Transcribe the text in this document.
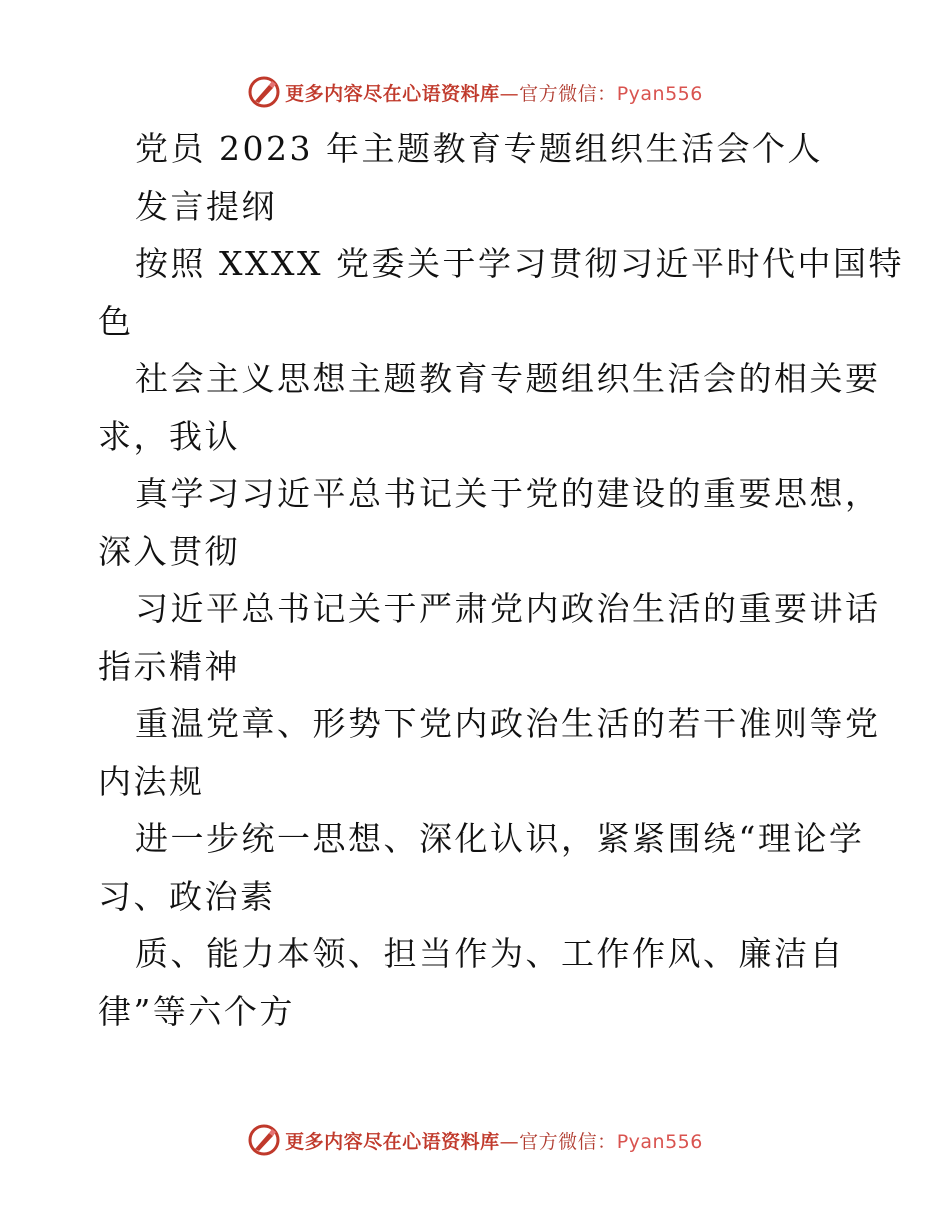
更多内容尽在心语资料库—官方微信：Pyan556
党员 2023 年主题教育专题组织生活会个人
发言提纲
按照 XXXX 党委关于学习贯彻习近平时代中国特
色
社会主义思想主题教育专题组织生活会的相关要
求，我认
真学习习近平总书记关于党的建设的重要思想，
深入贯彻
习近平总书记关于严肃党内政治生活的重要讲话
指示精神
重温党章、形势下党内政治生活的若干准则等党
内法规
进一步统一思想、深化认识，紧紧围绕“理论学
习、政治素
质、能力本领、担当作为、工作作风、廉洁自
律”等六个方
更多内容尽在心语资料库—官方微信：Pyan556
